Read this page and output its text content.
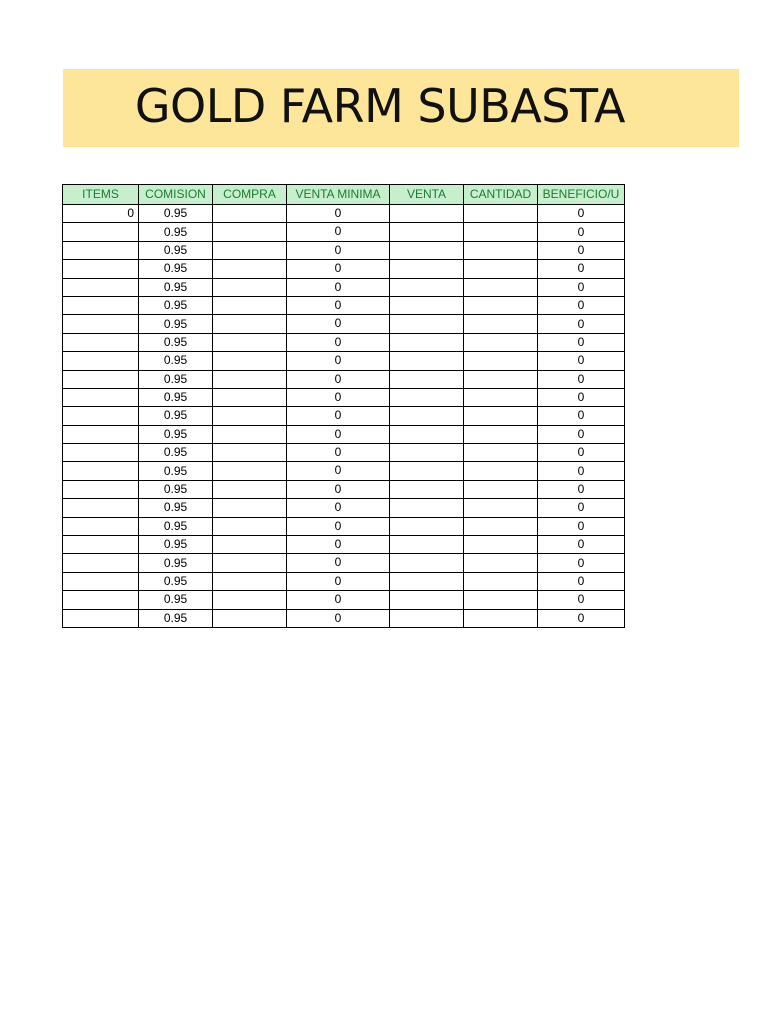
GOLD FARM SUBASTA
ITEMS	COMISION	COMPRA	VENTA MINIMA	VENTA	CANTIDAD	BENEFICIO/U
0	0.95		0			0
	0.95		0			0
	0.95		0			0
	0.95		0			0
	0.95		0			0
	0.95		0			0
	0.95		0			0
	0.95		0			0
	0.95		0			0
	0.95		0			0
	0.95		0			0
	0.95		0			0
	0.95		0			0
	0.95		0			0
	0.95		0			0
	0.95		0			0
	0.95		0			0
	0.95		0			0
	0.95		0			0
	0.95		0			0
	0.95		0			0
	0.95		0			0
	0.95		0			0
